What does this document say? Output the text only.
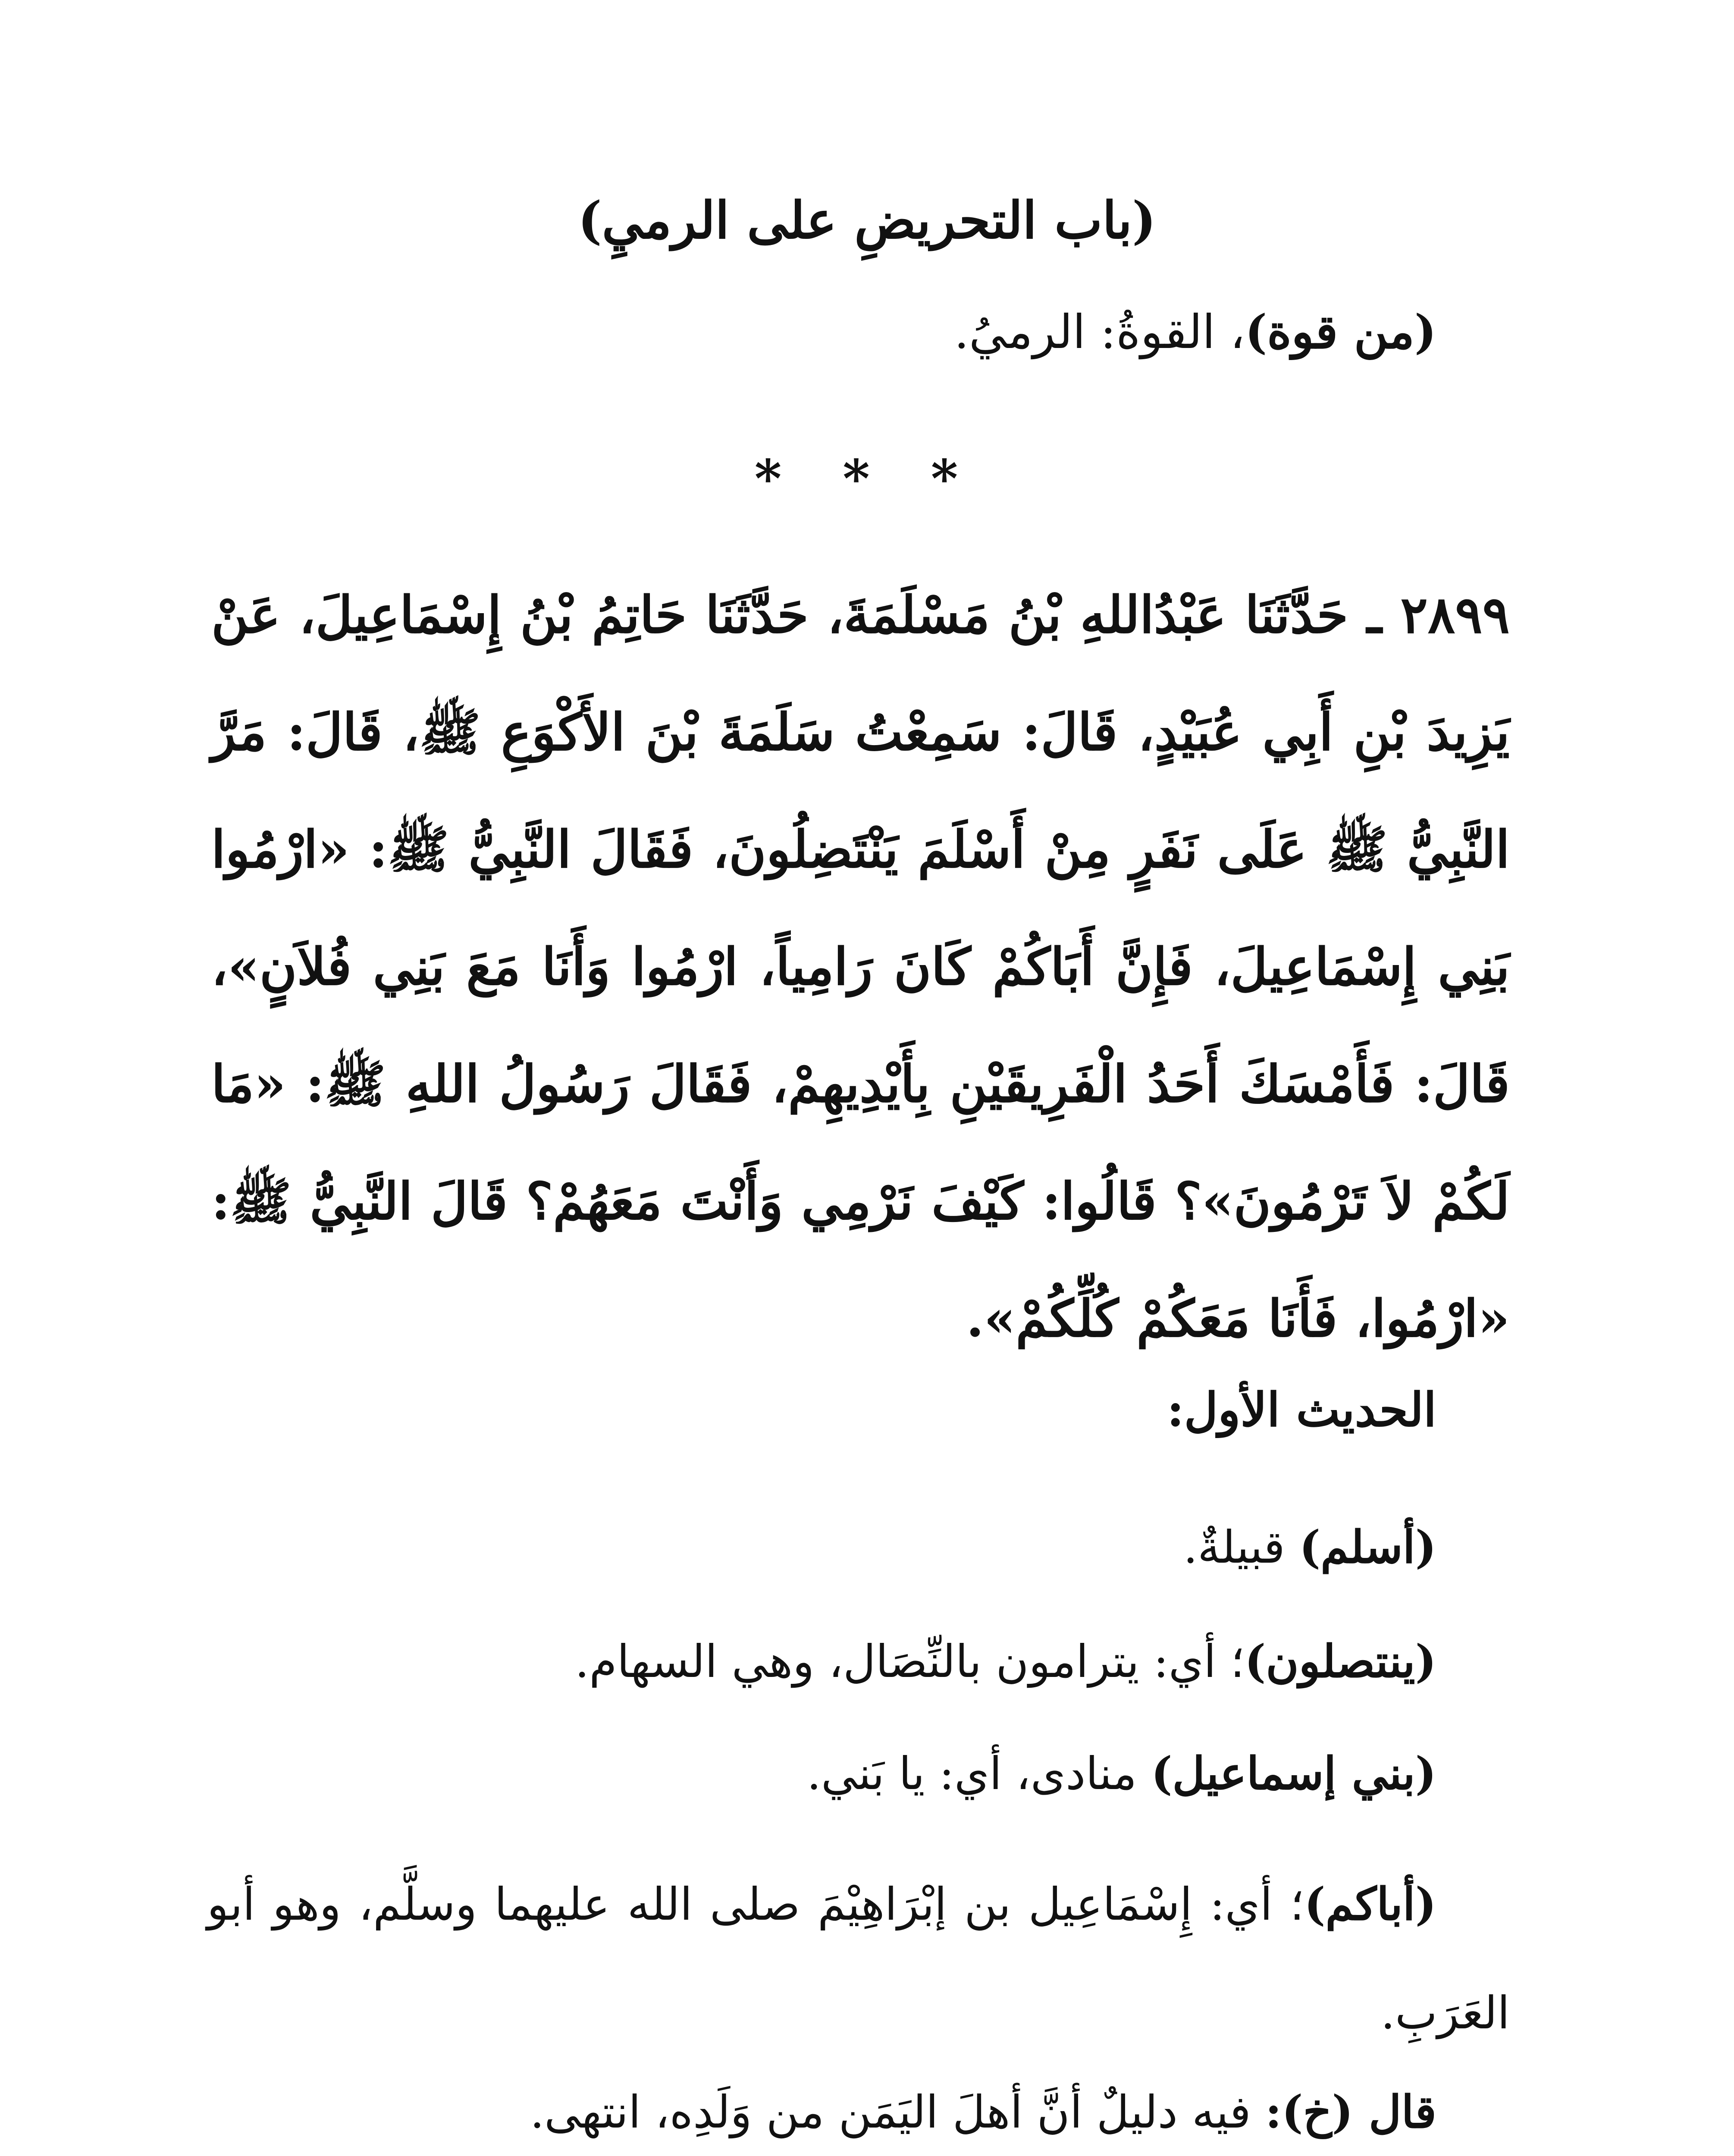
(باب التحريضِ على الرميِ)
(من قوة)، القوةُ: الرميُ.
* * *
٢٨٩٩ ـ حَدَّثَنَا عَبْدُاللهِ بْنُ مَسْلَمَةَ، حَدَّثَنَا حَاتِمُ بْنُ إِسْمَاعِيلَ، عَنْ يَزِيدَ بْنِ أَبِي عُبَيْدٍ، قَالَ: سَمِعْتُ سَلَمَةَ بْنَ الأَكْوَعِ ﷺ، قَالَ: مَرَّ النَّبِيُّ ﷺ عَلَى نَفَرٍ مِنْ أَسْلَمَ يَنْتَضِلُونَ، فَقَالَ النَّبِيُّ ﷺ: «ارْمُوا بَنِي إِسْمَاعِيلَ، فَإِنَّ أَبَاكُمْ كَانَ رَامِياً، ارْمُوا وَأَنَا مَعَ بَنِي فُلاَنٍ»، قَالَ: فَأَمْسَكَ أَحَدُ الْفَرِيقَيْنِ بِأَيْدِيهِمْ، فَقَالَ رَسُولُ اللهِ ﷺ: «مَا لَكُمْ لاَ تَرْمُونَ»؟ قَالُوا: كَيْفَ نَرْمِي وَأَنْتَ مَعَهُمْ؟ قَالَ النَّبِيُّ ﷺ: «ارْمُوا، فَأَنَا مَعَكُمْ كُلِّكُمْ».
الحديث الأول:
(أسلم) قبيلةٌ.
(ينتصلون)؛ أي: يترامون بالنِّصَال، وهي السهام.
(بني إسماعيل) منادى، أي: يا بَني.
(أباكم)؛ أي: إِسْمَاعِيل بن إبْرَاهِيْمَ صلى الله عليهما وسلَّم، وهو أبو العَرَبِ.
قال (خ): فيه دليلٌ أنَّ أهلَ اليَمَن من وَلَدِه، انتهى.
